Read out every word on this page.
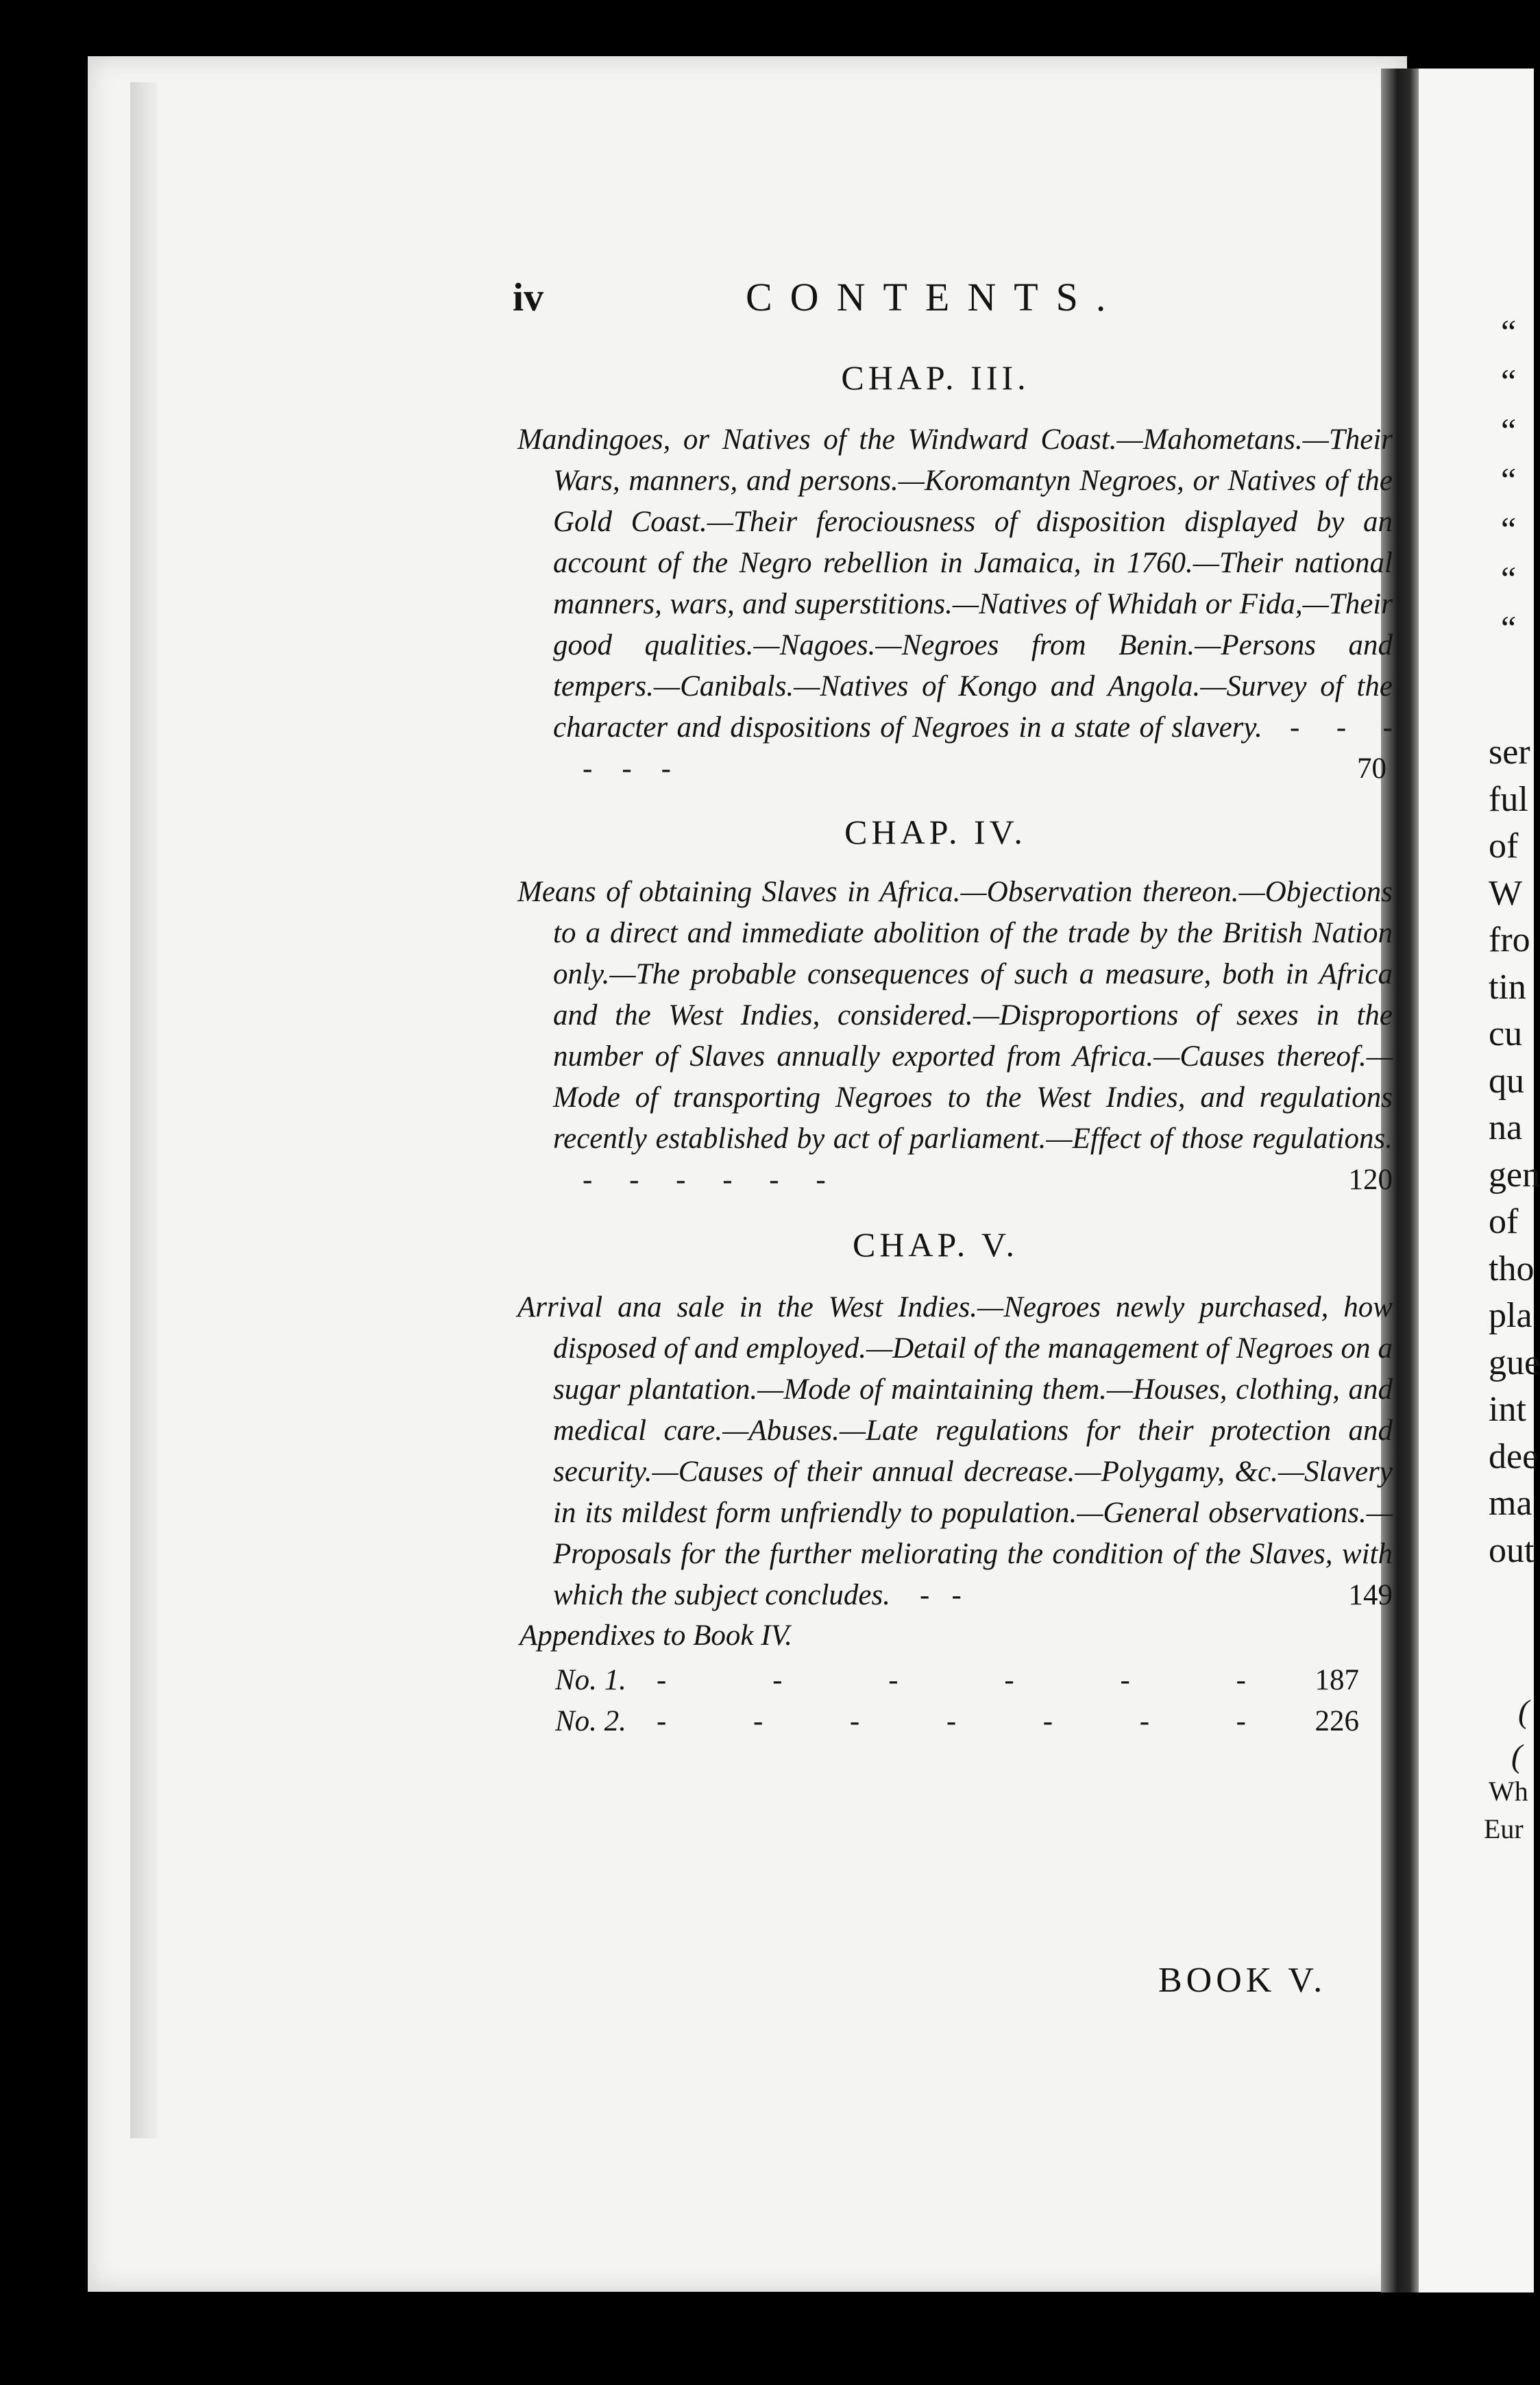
iv	CONTENTS.
CHAP. III.
Mandingoes, or Natives of the Windward Coast.—Mahometans.—Their Wars, manners, and persons.—Koromantyn Negroes, or Natives of the Gold Coast.—Their ferociousness of disposition displayed by an account of the Negro rebellion in Jamaica, in 1760.—Their national manners, wars, and superstitions.—Natives of Whidah or Fida,—Their good qualities.—Nagoes.—Negroes from Benin.—Persons and tempers.—Canibals.—Natives of Kongo and Angola.—Survey of the character and dispositions of Negroes in a state of slavery.   -    -    -    -    -    -	70
CHAP. IV.
Means of obtaining Slaves in Africa.—Observation thereon.—Objections to a direct and immediate abolition of the trade by the British Nation only.—The probable consequences of such a measure, both in Africa and the West Indies, considered.—Disproportions of sexes in the number of Slaves annually exported from Africa.—Causes thereof.—Mode of transporting Negroes to the West Indies, and regulations recently established by act of parliament.—Effect of those regulations.     -     -     -     -     -     -	120
CHAP. V.
Arrival ana sale in the West Indies.—Negroes newly purchased, how disposed of and employed.—Detail of the management of Negroes on a sugar plantation.—Mode of maintaining them.—Houses, clothing, and medical care.—Abuses.—Late regulations for their protection and security.—Causes of their annual decrease.—Polygamy, &c.—Slavery in its mildest form unfriendly to population.—General observations.—Proposals for the further meliorating the condition of the Slaves, with which the subject concludes.    -   -	149
Appendixes to Book IV.
No. 1. -	-	-	-	-	- 187
No. 2. -	-	-	-	-	-	- 226
BOOK V.
“
“
“
“
“
“
“
ser
ful
of
W
fro
tin
cu
qu
na
gen
of
tho
pla
gue
int
dee
ma
out
(
(
Wh
Eur
